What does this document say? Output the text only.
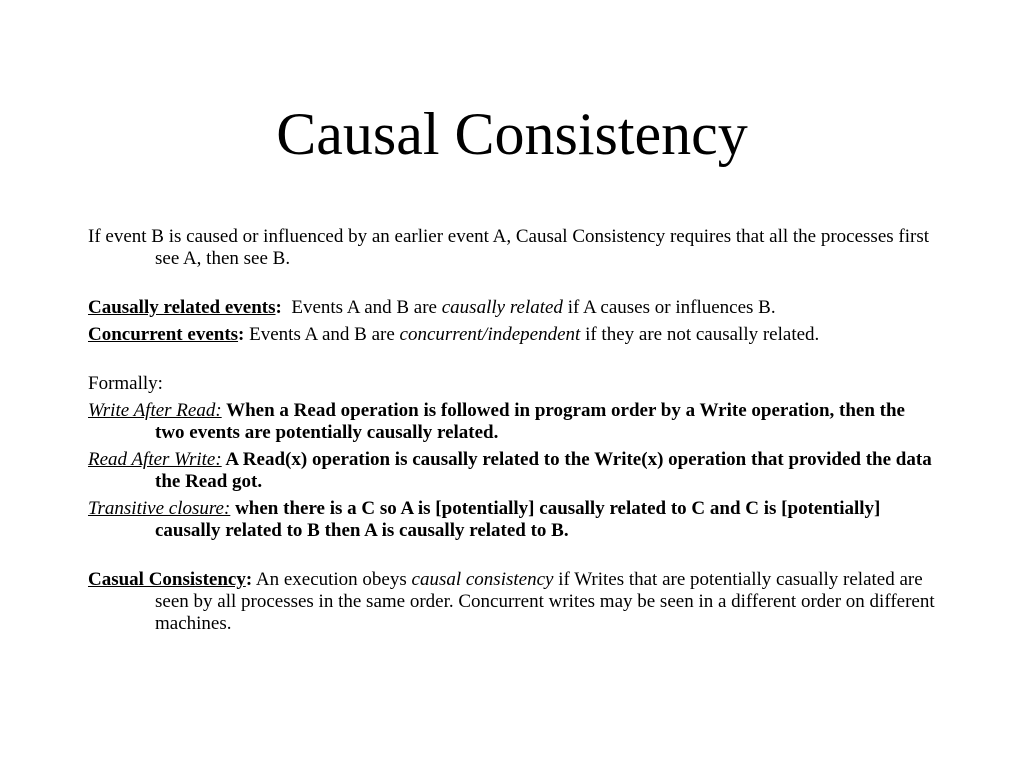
Causal Consistency

If event B is caused or influenced by an earlier event A, Causal Consistency requires that all the processes first see A, then see B.

Causally related events:  Events A and B are causally related if A causes or influences B.

Concurrent events: Events A and B are concurrent/independent if they are not causally related.

Formally:

Write After Read: When a Read operation is followed in program order by a Write operation, then the two events are potentially causally related.

Read After Write: A Read(x) operation is causally related to the Write(x) operation that provided the data the Read got.

Transitive closure: when there is a C so A is [potentially] causally related to C and C is [potentially] causally related to B then A is causally related to B.

Casual Consistency: An execution obeys causal consistency if Writes that are potentially casually related are seen by all processes in the same order. Concurrent writes may be seen in a different order on different machines.
